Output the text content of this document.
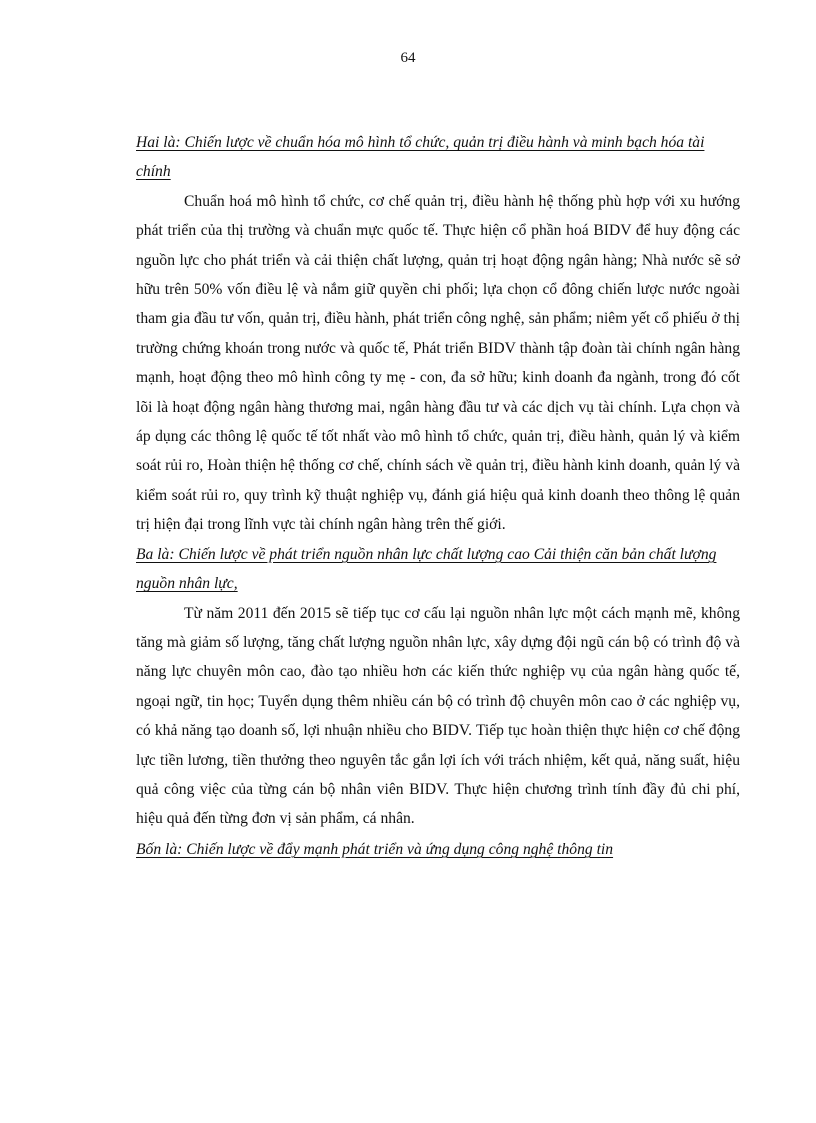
64

Hai là: Chiến lược về chuẩn hóa mô hình tổ chức, quản trị điều hành và minh bạch hóa tài chính

Chuẩn hoá mô hình tổ chức, cơ chế quản trị, điều hành hệ thống phù hợp với xu hướng phát triển của thị trường và chuẩn mực quốc tế. Thực hiện cổ phần hoá BIDV để huy động các nguồn lực cho phát triển và cải thiện chất lượng, quản trị hoạt động ngân hàng; Nhà nước sẽ sở hữu trên 50% vốn điều lệ và nắm giữ quyền chi phối; lựa chọn cổ đông chiến lược nước ngoài tham gia đầu tư vốn, quản trị, điều hành, phát triển công nghệ, sản phẩm; niêm yết cổ phiếu ở thị trường chứng khoán trong nước và quốc tế, Phát triển BIDV thành tập đoàn tài chính ngân hàng mạnh, hoạt động theo mô hình công ty mẹ - con, đa sở hữu; kinh doanh đa ngành, trong đó cốt lõi là hoạt động ngân hàng thương mai, ngân hàng đầu tư và các dịch vụ tài chính. Lựa chọn và áp dụng các thông lệ quốc tế tốt nhất vào mô hình tổ chức, quản trị, điều hành, quản lý và kiểm soát rủi ro, Hoàn thiện hệ thống cơ chế, chính sách về quản trị, điều hành kinh doanh, quản lý và kiểm soát rủi ro, quy trình kỹ thuật nghiệp vụ, đánh giá hiệu quả kinh doanh theo thông lệ quản trị hiện đại trong lĩnh vực tài chính ngân hàng trên thế giới.

Ba là: Chiến lược về phát triển nguồn nhân lực chất lượng cao Cải thiện căn bản chất lượng nguồn nhân lực,

Từ năm 2011 đến 2015 sẽ tiếp tục cơ cấu lại nguồn nhân lực một cách mạnh mẽ, không tăng mà giảm số lượng, tăng chất lượng nguồn nhân lực, xây dựng đội ngũ cán bộ có trình độ và năng lực chuyên môn cao, đào tạo nhiều hơn các kiến thức nghiệp vụ của ngân hàng quốc tế, ngoại ngữ, tin học; Tuyển dụng thêm nhiều cán bộ có trình độ chuyên môn cao ở các nghiệp vụ, có khả năng tạo doanh số, lợi nhuận nhiều cho BIDV. Tiếp tục hoàn thiện thực hiện cơ chế động lực tiền lương, tiền thưởng theo nguyên tắc gắn lợi ích với trách nhiệm, kết quả, năng suất, hiệu quả công việc của từng cán bộ nhân viên BIDV. Thực hiện chương trình tính đầy đủ chi phí, hiệu quả đến từng đơn vị sản phẩm, cá nhân.

Bốn là: Chiến lược về đẩy mạnh phát triển và ứng dụng công nghệ thông tin
